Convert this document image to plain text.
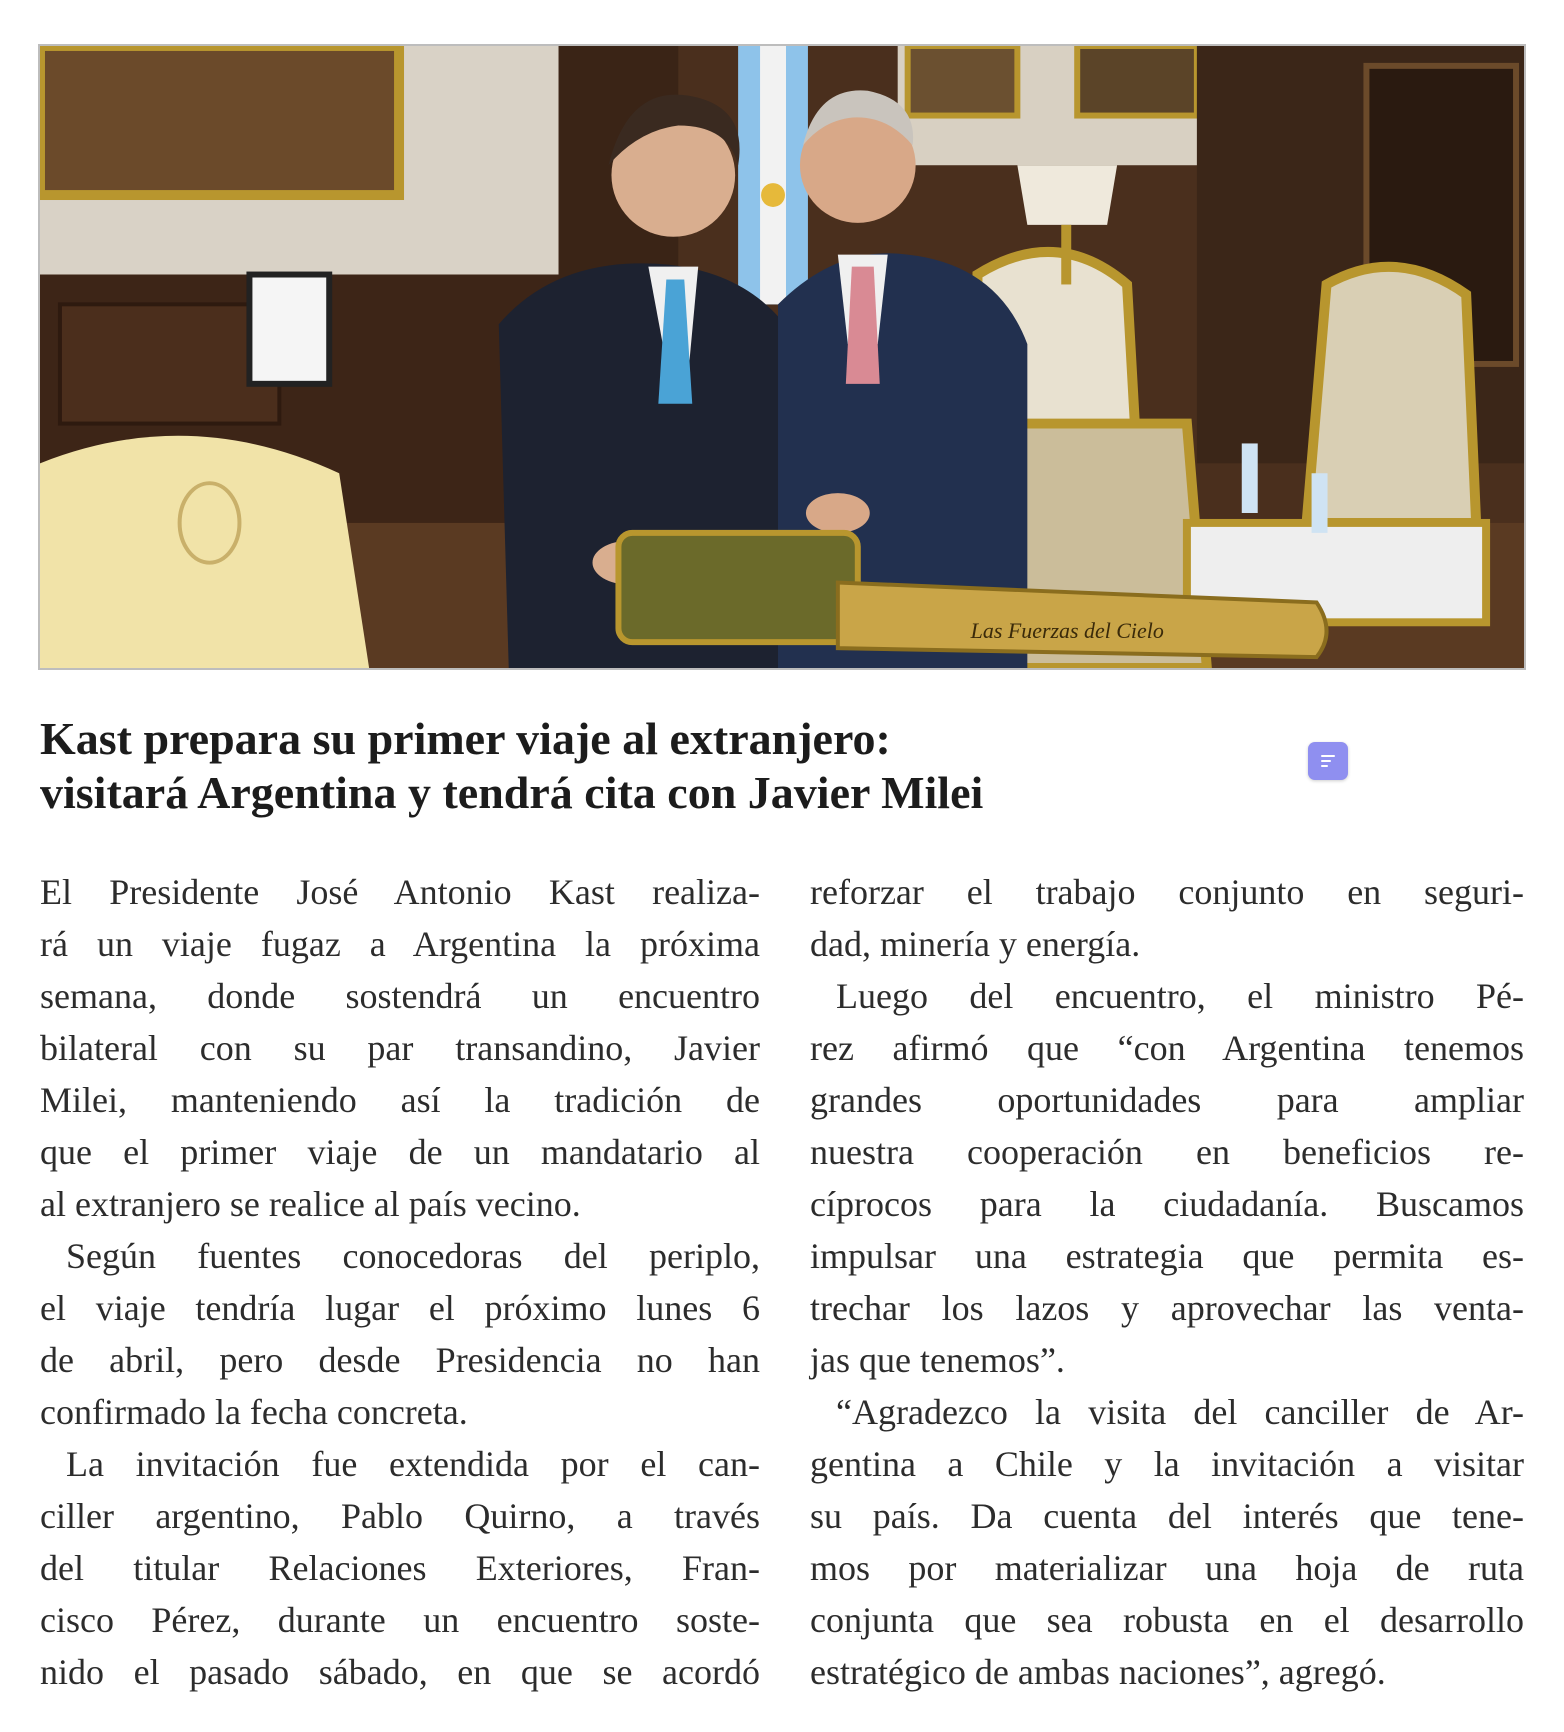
Las Fuerzas del Cielo
Kast prepara su primer viaje al extranjero:
visitará Argentina y tendrá cita con Javier Milei
El Presidente José Antonio Kast realiza-
rá un viaje fugaz a Argentina la próxima
semana, donde sostendrá un encuentro
bilateral con su par transandino, Javier
Milei, manteniendo así la tradición de
que el primer viaje de un mandatario al
al extranjero se realice al país vecino.
Según fuentes conocedoras del periplo,
el viaje tendría lugar el próximo lunes 6
de abril, pero desde Presidencia no han
confirmado la fecha concreta.
La invitación fue extendida por el can-
ciller argentino, Pablo Quirno, a través
del titular Relaciones Exteriores, Fran-
cisco Pérez, durante un encuentro soste-
nido el pasado sábado, en que se acordó
reforzar el trabajo conjunto en seguri-
dad, minería y energía.
Luego del encuentro, el ministro Pé-
rez afirmó que “con Argentina tenemos
grandes oportunidades para ampliar
nuestra cooperación en beneficios re-
cíprocos para la ciudadanía. Buscamos
impulsar una estrategia que permita es-
trechar los lazos y aprovechar las venta-
jas que tenemos”.
“Agradezco la visita del canciller de Ar-
gentina a Chile y la invitación a visitar
su país. Da cuenta del interés que tene-
mos por materializar una hoja de ruta
conjunta que sea robusta en el desarrollo
estratégico de ambas naciones”, agregó.
